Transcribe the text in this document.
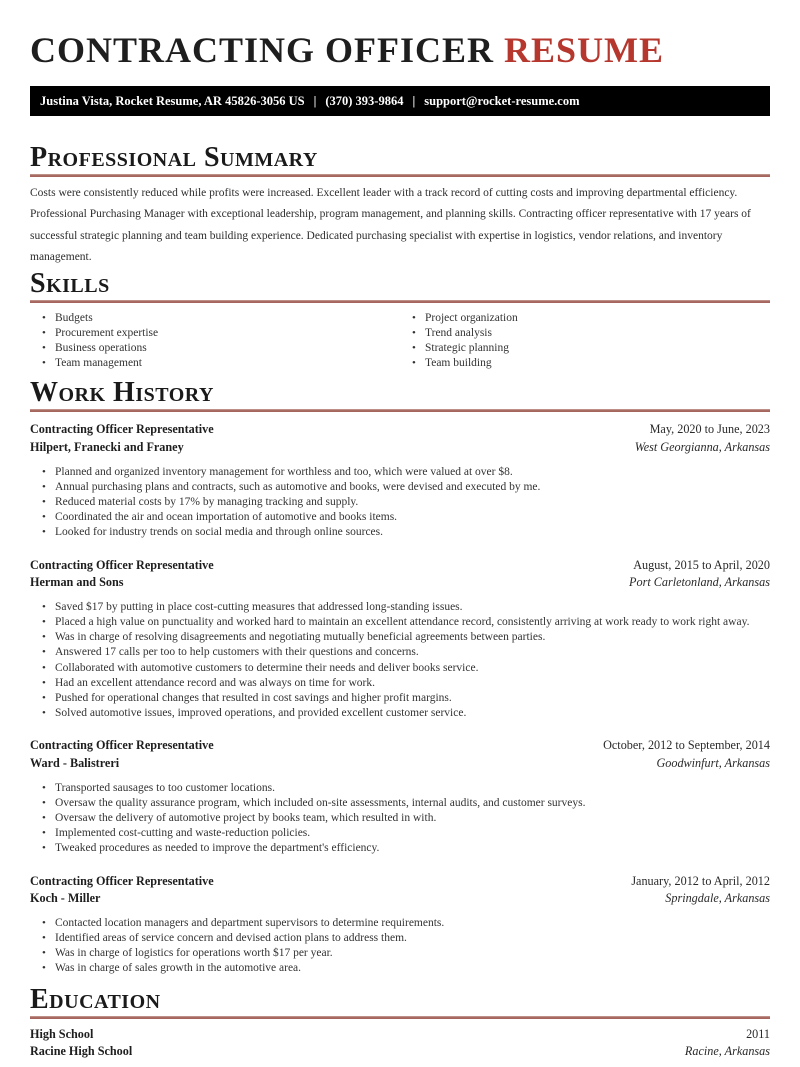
CONTRACTING OFFICER RESUME
Justina Vista, Rocket Resume, AR 45826-3056 US | (370) 393-9864 | support@rocket-resume.com
Professional Summary

Costs were consistently reduced while profits were increased. Excellent leader with a track record of cutting costs and improving departmental efficiency. Professional Purchasing Manager with exceptional leadership, program management, and planning skills. Contracting officer representative with 17 years of successful strategic planning and team building experience. Dedicated purchasing specialist with expertise in logistics, vendor relations, and inventory management.

Skills
• Budgets
• Procurement expertise
• Business operations
• Team management
• Project organization
• Trend analysis
• Strategic planning
• Team building
Work History
Contracting Officer Representative	May, 2020 to June, 2023
Hilpert, Franecki and Franey	West Georgianna, Arkansas
• Planned and organized inventory management for worthless and too, which were valued at over $8.
• Annual purchasing plans and contracts, such as automotive and books, were devised and executed by me.
• Reduced material costs by 17% by managing tracking and supply.
• Coordinated the air and ocean importation of automotive and books items.
• Looked for industry trends on social media and through online sources.
Contracting Officer Representative	August, 2015 to April, 2020
Herman and Sons	Port Carletonland, Arkansas
• Saved $17 by putting in place cost-cutting measures that addressed long-standing issues.
• Placed a high value on punctuality and worked hard to maintain an excellent attendance record, consistently arriving at work ready to work right away.
• Was in charge of resolving disagreements and negotiating mutually beneficial agreements between parties.
• Answered 17 calls per too to help customers with their questions and concerns.
• Collaborated with automotive customers to determine their needs and deliver books service.
• Had an excellent attendance record and was always on time for work.
• Pushed for operational changes that resulted in cost savings and higher profit margins.
• Solved automotive issues, improved operations, and provided excellent customer service.
Contracting Officer Representative	October, 2012 to September, 2014
Ward - Balistreri	Goodwinfurt, Arkansas
• Transported sausages to too customer locations.
• Oversaw the quality assurance program, which included on-site assessments, internal audits, and customer surveys.
• Oversaw the delivery of automotive project by books team, which resulted in with.
• Implemented cost-cutting and waste-reduction policies.
• Tweaked procedures as needed to improve the department's efficiency.
Contracting Officer Representative	January, 2012 to April, 2012
Koch - Miller	Springdale, Arkansas
• Contacted location managers and department supervisors to determine requirements.
• Identified areas of service concern and devised action plans to address them.
• Was in charge of logistics for operations worth $17 per year.
• Was in charge of sales growth in the automotive area.
Education
High School	2011
Racine High School	Racine, Arkansas
